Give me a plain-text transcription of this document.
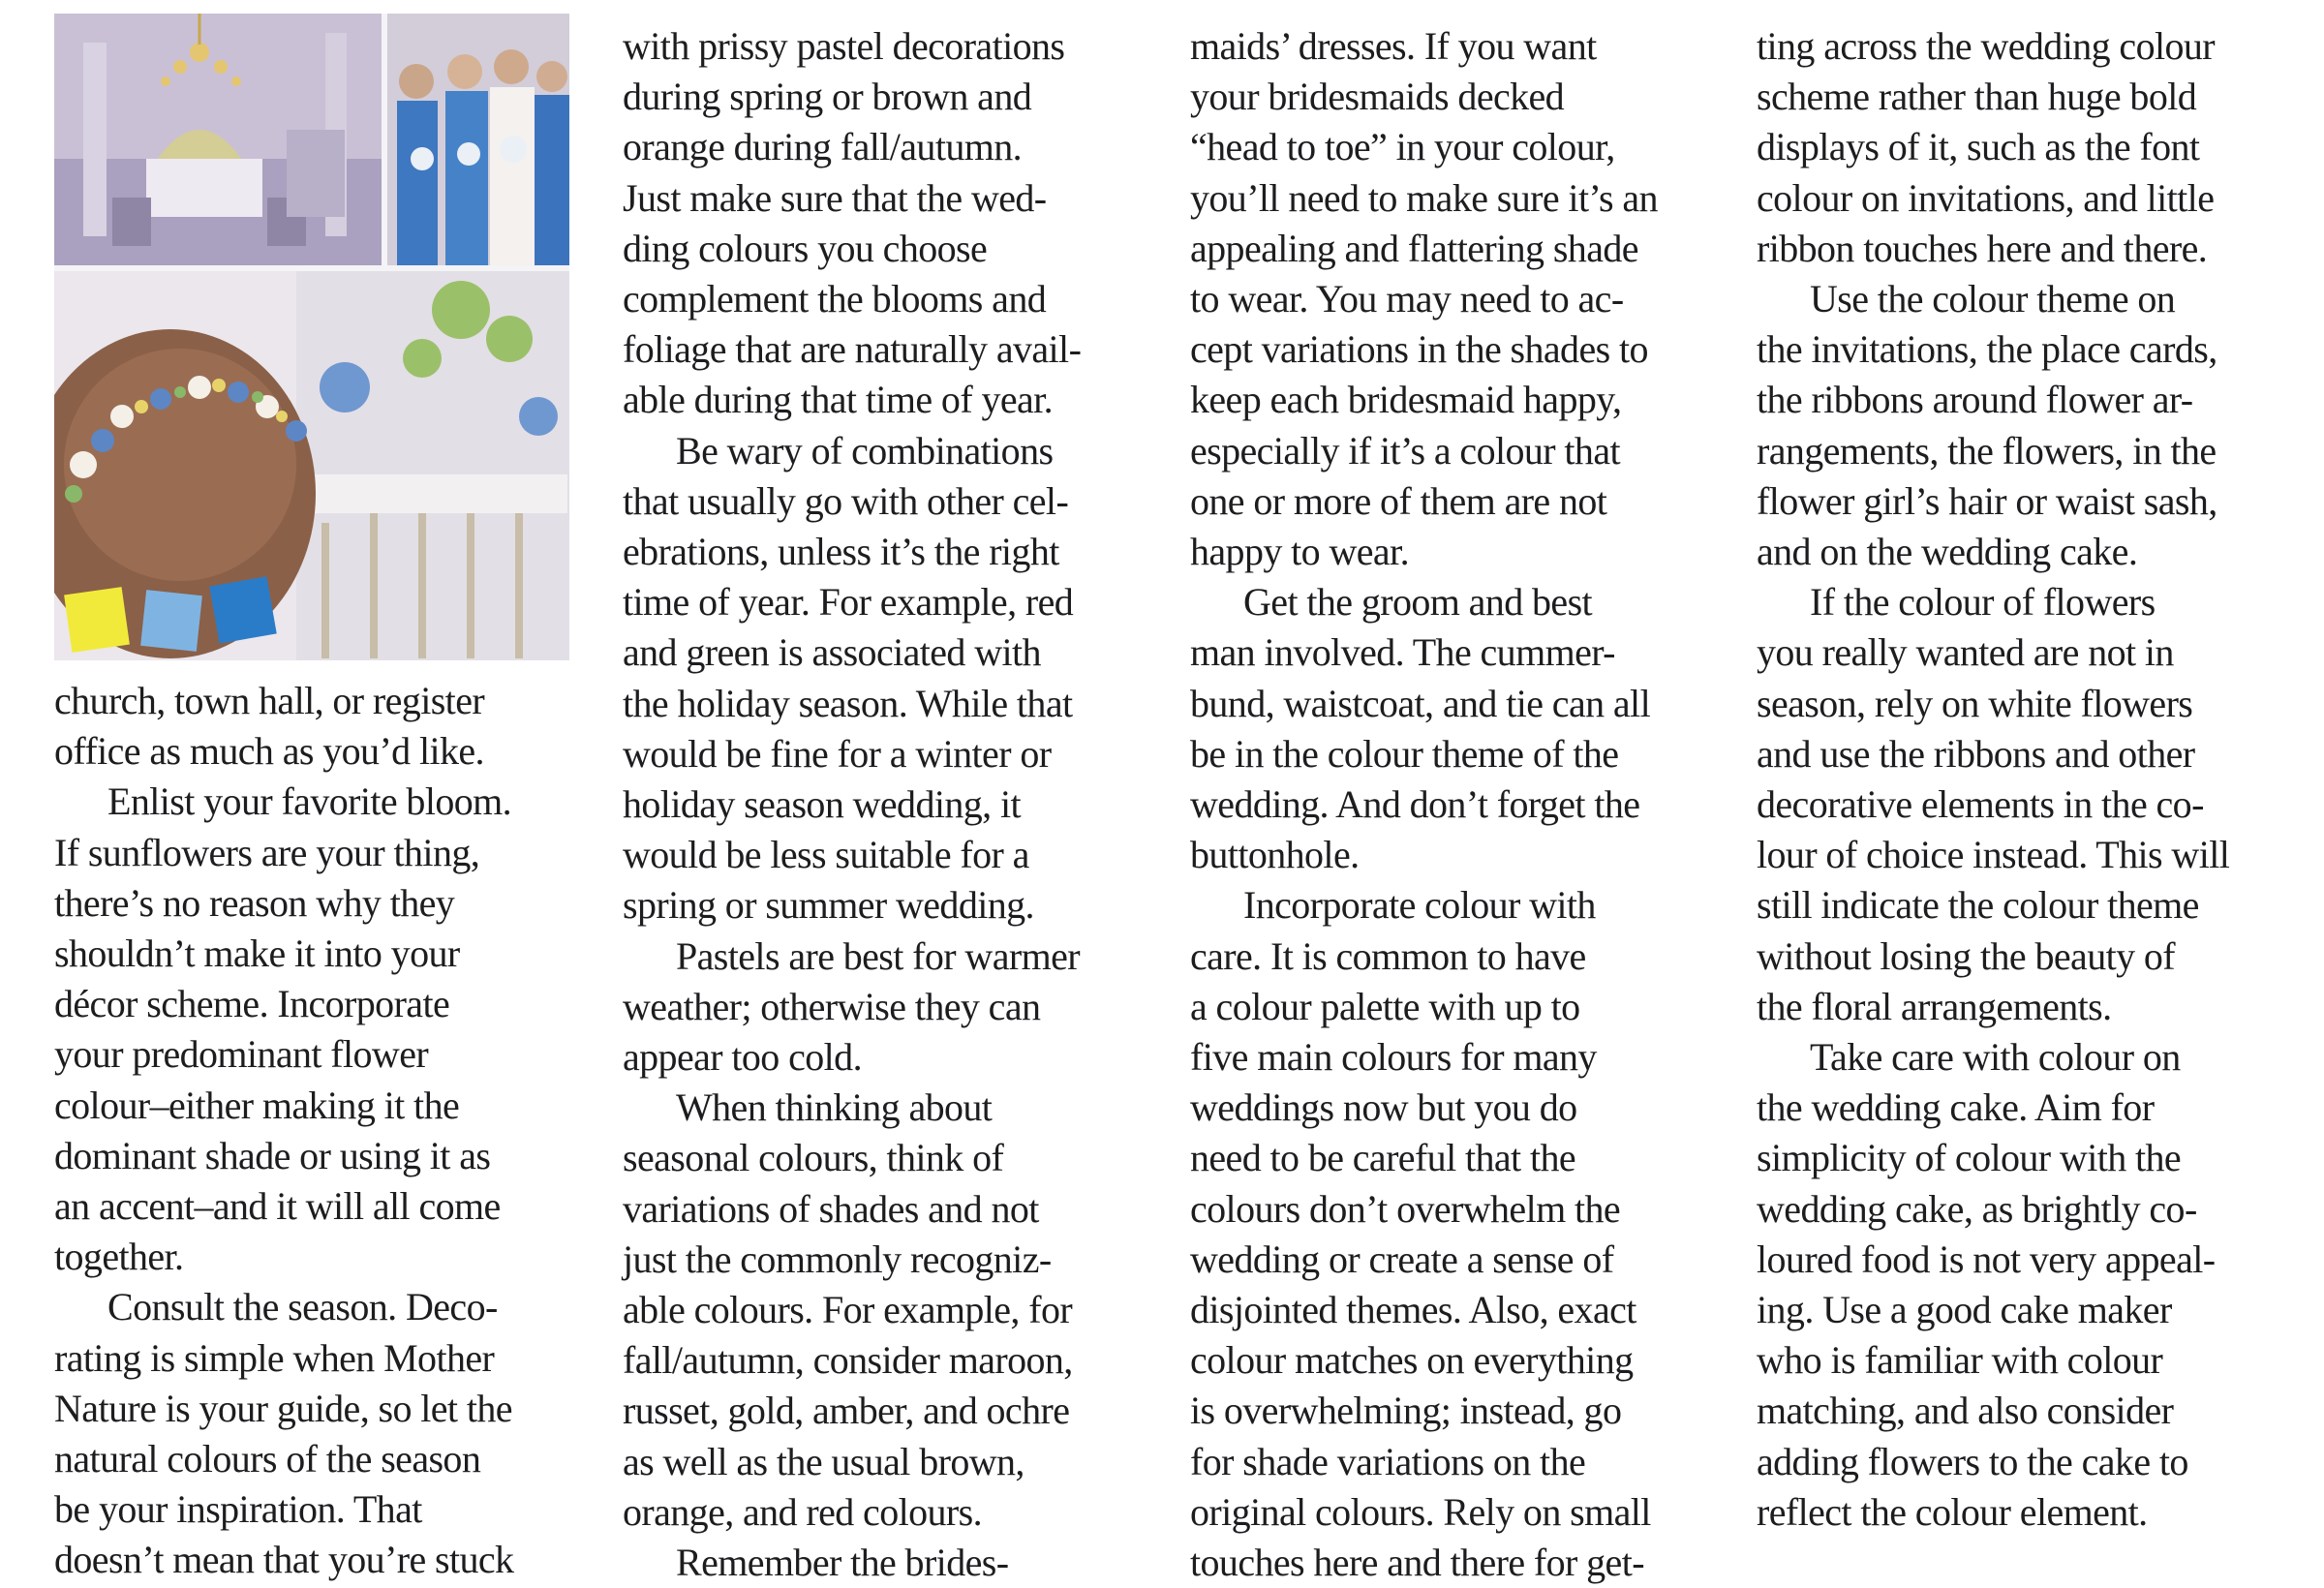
church, town hall, or register

office as much as you’d like.

Enlist your favorite bloom.

If sunflowers are your thing,

there’s no reason why they

shouldn’t make it into your

décor scheme. Incorporate

your predominant flower

colour–either making it the

dominant shade or using it as

an accent–and it will all come

together.

Consult the season. Deco-

rating is simple when Mother

Nature is your guide, so let the

natural colours of the season

be your inspiration. That

doesn’t mean that you’re stuck

with prissy pastel decorations

during spring or brown and

orange during fall/autumn.

Just make sure that the wed-

ding colours you choose

complement the blooms and

foliage that are naturally avail-

able during that time of year.

Be wary of combinations

that usually go with other cel-

ebrations, unless it’s the right

time of year. For example, red

and green is associated with

the holiday season. While that

would be fine for a winter or

holiday season wedding, it

would be less suitable for a

spring or summer wedding.

Pastels are best for warmer

weather; otherwise they can

appear too cold.

When thinking about

seasonal colours, think of

variations of shades and not

just the commonly recogniz-

able colours. For example, for

fall/autumn, consider maroon,

russet, gold, amber, and ochre

as well as the usual brown,

orange, and red colours.

Remember the brides-

maids’ dresses. If you want

your bridesmaids decked

“head to toe” in your colour,

you’ll need to make sure it’s an

appealing and flattering shade

to wear. You may need to ac-

cept variations in the shades to

keep each bridesmaid happy,

especially if it’s a colour that

one or more of them are not

happy to wear.

Get the groom and best

man involved. The cummer-

bund, waistcoat, and tie can all

be in the colour theme of the

wedding. And don’t forget the

buttonhole.

Incorporate colour with

care. It is common to have

a colour palette with up to

five main colours for many

weddings now but you do

need to be careful that the

colours don’t overwhelm the

wedding or create a sense of

disjointed themes. Also, exact

colour matches on everything

is overwhelming; instead, go

for shade variations on the

original colours. Rely on small

touches here and there for get-

ting across the wedding colour

scheme rather than huge bold

displays of it, such as the font

colour on invitations, and little

ribbon touches here and there.

Use the colour theme on

the invitations, the place cards,

the ribbons around flower ar-

rangements, the flowers, in the

flower girl’s hair or waist sash,

and on the wedding cake.

If the colour of flowers

you really wanted are not in

season, rely on white flowers

and use the ribbons and other

decorative elements in the co-

lour of choice instead. This will

still indicate the colour theme

without losing the beauty of

the floral arrangements.

Take care with colour on

the wedding cake. Aim for

simplicity of colour with the

wedding cake, as brightly co-

loured food is not very appeal-

ing. Use a good cake maker

who is familiar with colour

matching, and also consider

adding flowers to the cake to

reflect the colour element.
